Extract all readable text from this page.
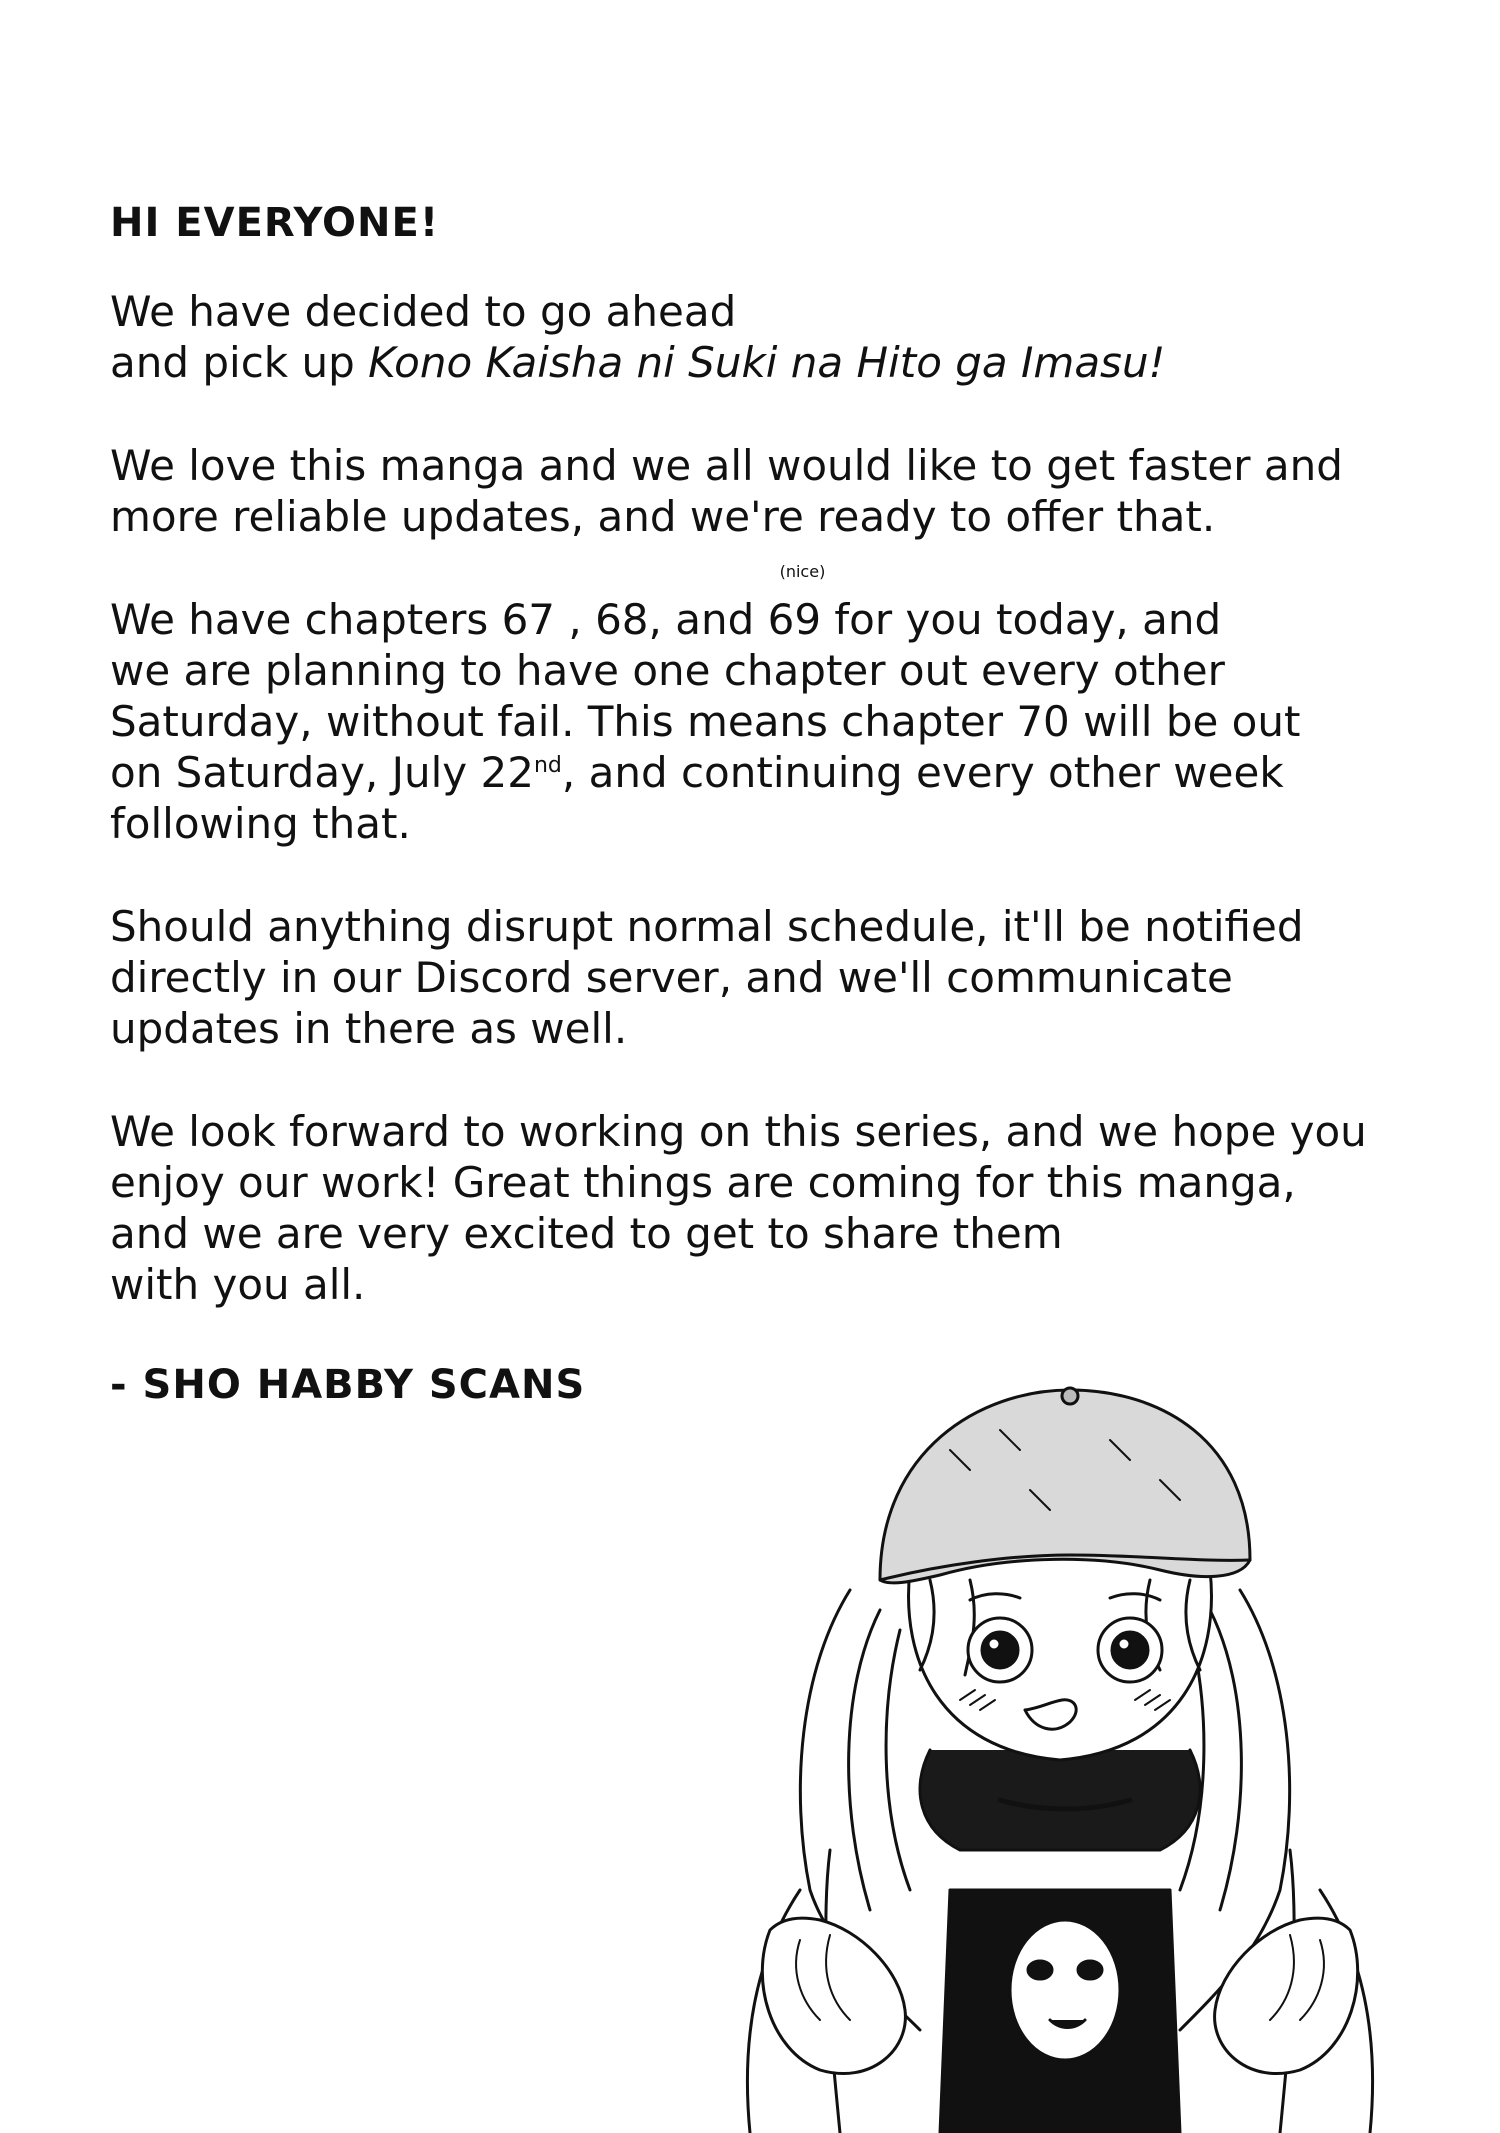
HI EVERYONE!
We have decided to go ahead
and pick up Kono Kaisha ni Suki na Hito ga Imasu!
We love this manga and we all would like to get faster and
more reliable updates, and we're ready to offer that.
We have chapters 67 , 68, and
(nice)
69 for you today, and
we are planning to have one chapter out every other
Saturday, without fail. This means chapter 70 will be out
on Saturday, July 22nd, and continuing every other week
following that.
Should anything disrupt normal schedule, it'll be notified
directly in our Discord server, and we'll communicate
updates in there as well.
We look forward to working on this series, and we hope you
enjoy our work! Great things are coming for this manga,
and we are very excited to get to share them
with you all.
- SHO HABBY SCANS
